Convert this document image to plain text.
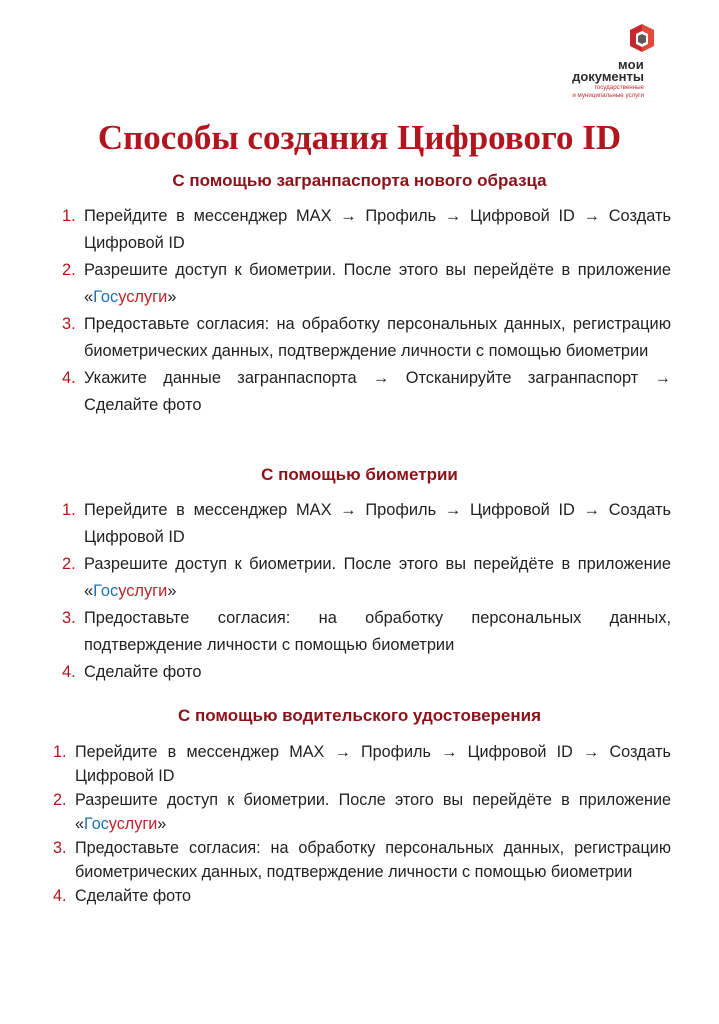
мои
документы
государственные
и муниципальные услуги
Способы создания Цифрового ID
С помощью загранпаспорта нового образца
1. Перейдите в мессенджер MAX → Профиль → Цифровой ID → Создать Цифровой ID
2. Разрешите доступ к биометрии. После этого вы перейдёте в приложение «Госуслуги»
3. Предоставьте согласия: на обработку персональных данных, регистрацию биометрических данных, подтверждение личности с помощью биометрии
4. Укажите данные загранпаспорта → Отсканируйте загранпаспорт → Сделайте фото
С помощью биометрии
1. Перейдите в мессенджер MAX → Профиль → Цифровой ID → Создать Цифровой ID
2. Разрешите доступ к биометрии. После этого вы перейдёте в приложение «Госуслуги»
3. Предоставьте согласия: на обработку персональных данных, подтверждение личности с помощью биометрии
4. Сделайте фото
С помощью водительского удостоверения
1. Перейдите в мессенджер MAX → Профиль → Цифровой ID → Создать Цифровой ID
2. Разрешите доступ к биометрии. После этого вы перейдёте в приложение «Госуслуги»
3. Предоставьте согласия: на обработку персональных данных, регистрацию биометрических данных, подтверждение личности с помощью биометрии
4. Сделайте фото
